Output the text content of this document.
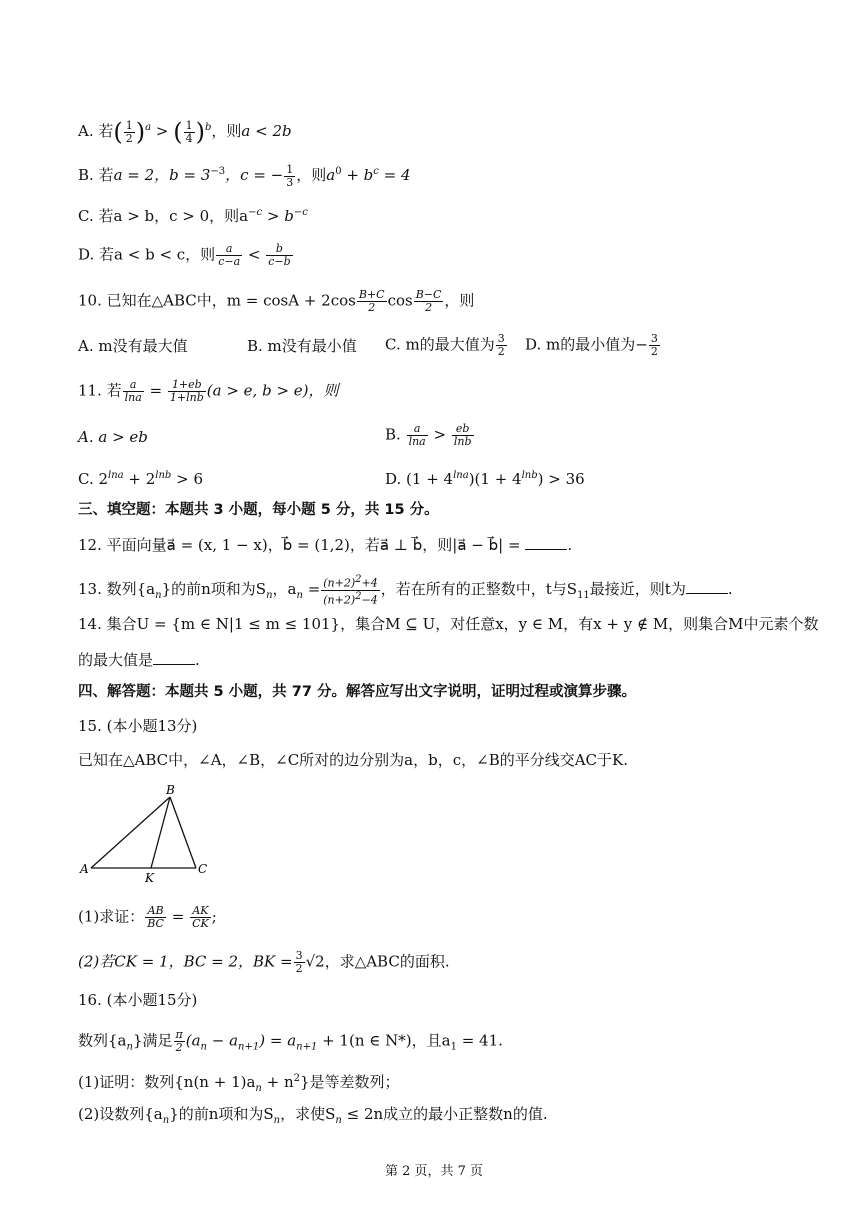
A. 若( $\frac{1}{2} )^a$ > ( $\frac{1}{4} )^b$，则a < 2b
B. 若a = 2，$b = 3^{-3}$，c = − $\frac{1}{3}$ ，则$a^0 + b^c = 4$
C. 若a > b，c > 0，则$a^{-c} > b^{-c}$
D. 若a < b < c，则 $\frac{a}{c-a} < \frac{b}{c-b}$
10. 已知在△ABC中，$m = \cos A + 2\cos \frac{B+C}{2}$ $\cos \frac{B-C}{2}$ ，则
A. m没有最大值	B. m没有最小值 C. m的最大值为 $\frac{3}{2} D$. m的最小值为− $\frac{3}{2}$
11. 若 $\frac{a}{\ln a} = \frac{1+eb}{1+\ln b} (a > e$, b > e)，则
A. a > eb	B. $\frac{a}{\ln a} > \frac{eb}{\ln b}$
C. $2^{lna} + 2^{lnb} > 6$	D. $(1 + 4^{lna})(1 + 4^{lnb}) > 36$
三、填空题：本题共 3 小题，每小题 5 分，共 15 分。
12. 平面向量a⃗ = (x, 1 − x)，b⃗ = (1,2)，若a⃗ ⊥ b⃗，则|a⃗ − b⃗| =	.
13. 数列$\{a_n\}$的前n项和为$S_n$，$a_n = \frac{(n+2)^2+4}{(n+2)^2-4}$ ，若在所有的正整数中，t与$S_{11}$最接近，则t为	.
14. 集合U = {m ∈ N|1 ≤ m ≤ 101}，集合M ⊆ U，对任意x，y ∈ M，有x + y ∉ M，则集合M中元素个数
的最大值是	.
四、解答题：本题共 5 小题，共 77 分。解答应写出文字说明，证明过程或演算步骤。
15. (本小题13分)
已知在△ABC中，∠A，∠B，∠C所对的边分别为a，b，c，∠B的平分线交AC于K.
B
A	C
K
(1)求证： $\frac{AB}{BC} = \frac{AK}{CK}$ ;
(2)若CK = 1，BC = 2，BK = $\frac{3}{2} √2$，求△ABC的面积.
16. (本小题15分)
数列$\{a_n\}$满足 $\frac{\pi}{2} (a_n - a_{n+1}) = a_{n+1} + 1(n$ ∈ N*)，且$a_1 = 41$.
(1)证明：数列$\{n(n + 1)a_n + n^2\}$是等差数列；
(2)设数列$\{a_n\}$的前n项和为$S_n$，求使$S_n \le 2n$成立的最小正整数n的值.
第 2 页，共 7 页
